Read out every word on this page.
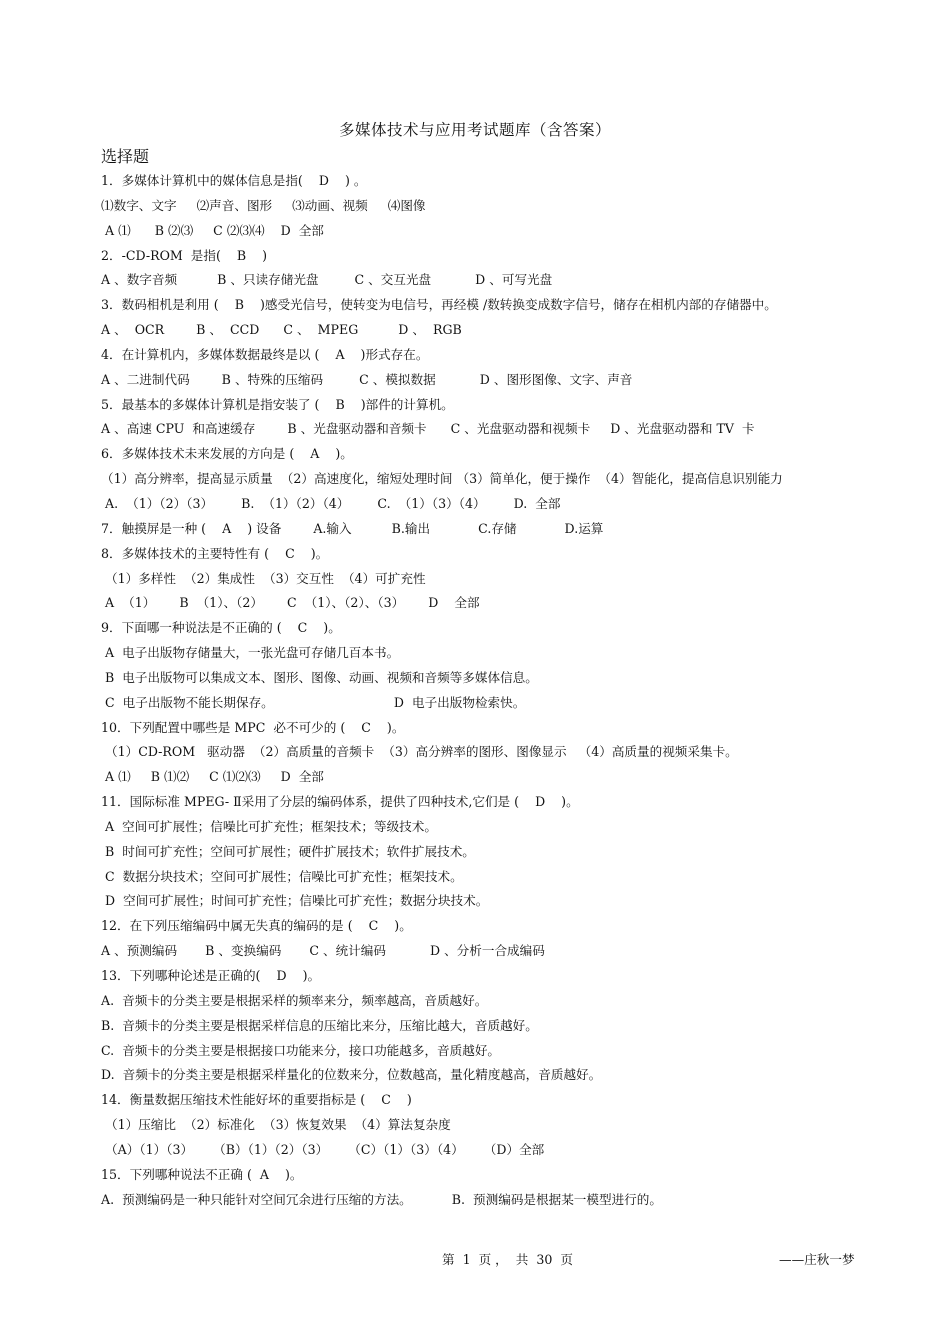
多媒体技术与应用考试题库（含答案）
选择题
1．多媒体计算机中的媒体信息是指(    D    ) 。
⑴数字、文字     ⑵声音、图形     ⑶动画、视频     ⑷图像
A ⑴      B ⑵⑶     C ⑵⑶⑷    D  全部
2．-CD-ROM  是指(    B    )
A 、数字音频          B 、只读存储光盘         C 、交互光盘           D 、可写光盘
3．数码相机是利用 (    B    )感受光信号，使转变为电信号，再经模 /数转换变成数字信号，储存在相机内部的存储器中。
A 、  OCR        B 、  CCD      C 、  MPEG          D 、  RGB
4．在计算机内，多媒体数据最终是以 (    A    )形式存在。
A 、二进制代码        B 、特殊的压缩码         C 、模拟数据           D 、图形图像、文字、声音
5．最基本的多媒体计算机是指安装了 (    B    )部件的计算机。
A 、高速 CPU  和高速缓存        B 、光盘驱动器和音频卡      C 、光盘驱动器和视频卡     D 、光盘驱动器和 TV  卡
6．多媒体技术未来发展的方向是 (    A    )。
（1）高分辨率，提高显示质量  （2）高速度化，缩短处理时间 （3）简单化，便于操作  （4）智能化，提高信息识别能力
A.  （1）（2）（3）       B.  （1）（2）（4）       C.  （1）（3）（4）       D.  全部
7．触摸屏是一种 (    A    ) 设备        A.输入          B.输出            C.存储            D.运算
8．多媒体技术的主要特性有 (    C    )。
（1）多样性  （2）集成性  （3）交互性  （4）可扩充性
A  （1）      B  （1）、（2）      C  （1）、（2）、（3）      D    全部
9．下面哪一种说法是不正确的 (    C    )。
A  电子出版物存储量大，一张光盘可存储几百本书。
B  电子出版物可以集成文本、图形、图像、动画、视频和音频等多媒体信息。
C  电子出版物不能长期保存。                              D  电子出版物检索快。
10．下列配置中哪些是 MPC  必不可少的 (    C    )。
（1）CD-ROM   驱动器  （2）高质量的音频卡  （3）高分辨率的图形、图像显示   （4）高质量的视频采集卡。
A ⑴     B ⑴⑵     C ⑴⑵⑶     D  全部
11．国际标准 MPEG- Ⅱ采用了分层的编码体系，提供了四种技术,它们是 (    D    )。
A  空间可扩展性；信噪比可扩充性；框架技术；等级技术。
B  时间可扩充性；空间可扩展性；硬件扩展技术；软件扩展技术。
C  数据分块技术；空间可扩展性；信噪比可扩充性；框架技术。
D  空间可扩展性；时间可扩充性；信噪比可扩充性；数据分块技术。
12．在下列压缩编码中属无失真的编码的是 (    C    )。
A 、预测编码       B 、变换编码       C 、统计编码           D 、分析一合成编码
13．下列哪种论述是正确的(    D    )。
A.  音频卡的分类主要是根据采样的频率来分，频率越高，音质越好。
B.  音频卡的分类主要是根据采样信息的压缩比来分，压缩比越大，音质越好。
C.  音频卡的分类主要是根据接口功能来分，接口功能越多，音质越好。
D.  音频卡的分类主要是根据采样量化的位数来分，位数越高，量化精度越高，音质越好。
14．衡量数据压缩技术性能好坏的重要指标是 (    C    )
（1）压缩比  （2）标准化  （3）恢复效果  （4）算法复杂度
（A）（1）（3）     （B）（1）（2）（3）     （C）（1）（3）（4）     （D）全部
15．下列哪种说法不正确 (  A    )。
A.  预测编码是一种只能针对空间冗余进行压缩的方法。          B.  预测编码是根据某一模型进行的。
第  1  页 ，  共  30  页	——庄秋一梦
